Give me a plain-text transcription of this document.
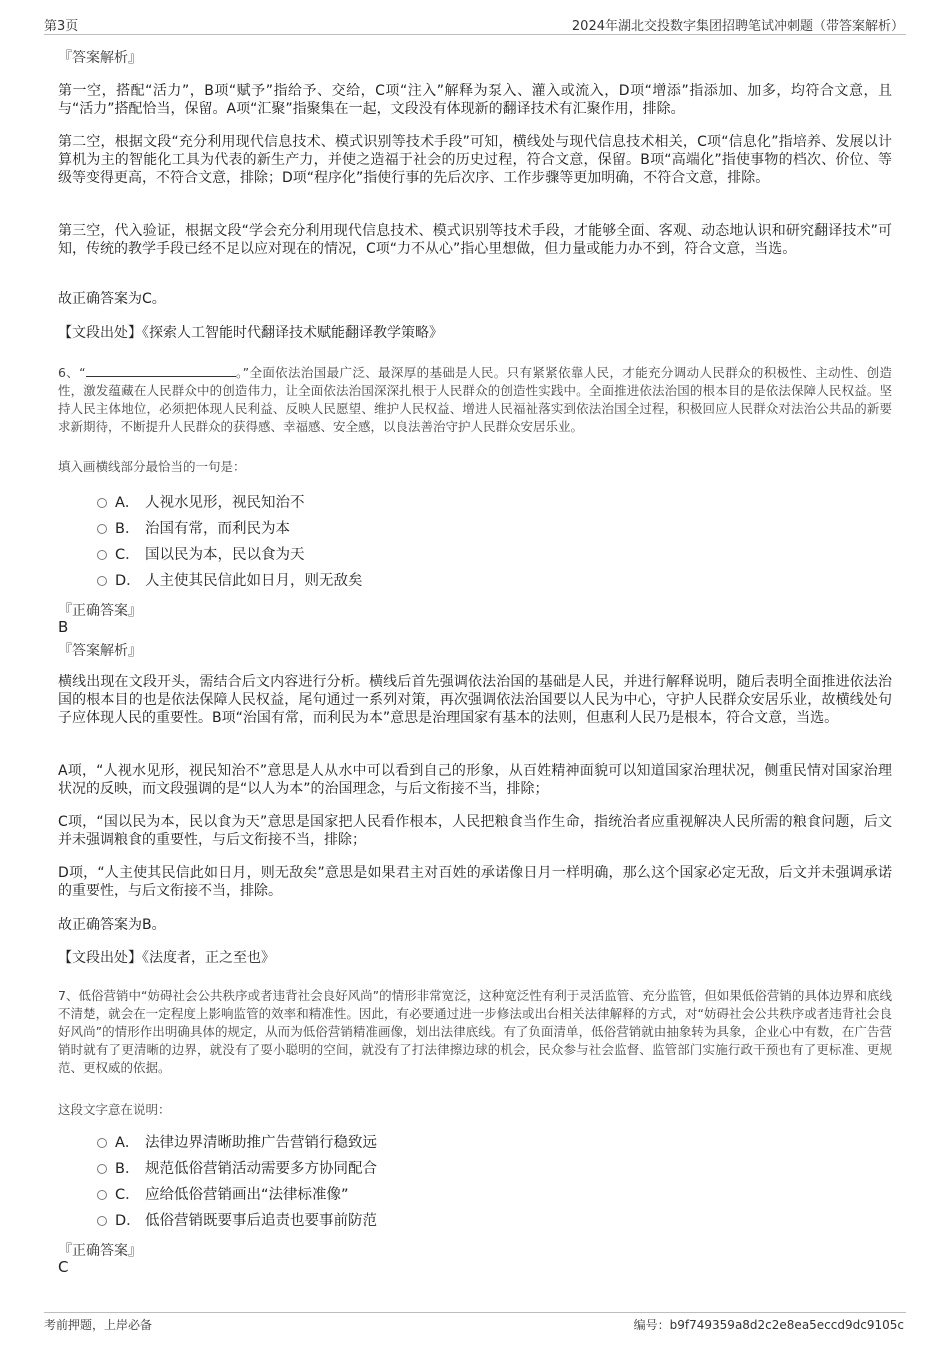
第3页	2024年湖北交投数字集团招聘笔试冲刺题（带答案解析）
『答案解析』
第一空，搭配“活力”，B项“赋予”指给予、交给，C项“注入”解释为泵入、灌入或流入，D项“增添”指添加、加多，均符合文意，且与“活力”搭配恰当，保留。A项“汇聚”指聚集在一起，文段没有体现新的翻译技术有汇聚作用，排除。
第二空，根据文段“充分利用现代信息技术、模式识别等技术手段”可知，横线处与现代信息技术相关，C项“信息化”指培养、发展以计算机为主的智能化工具为代表的新生产力，并使之造福于社会的历史过程，符合文意，保留。B项“高端化”指使事物的档次、价位、等级等变得更高，不符合文意，排除；D项“程序化”指使行事的先后次序、工作步骤等更加明确，不符合文意，排除。
第三空，代入验证，根据文段“学会充分利用现代信息技术、模式识别等技术手段，才能够全面、客观、动态地认识和研究翻译技术”可知，传统的教学手段已经不足以应对现在的情况，C项“力不从心”指心里想做，但力量或能力办不到，符合文意，当选。
故正确答案为C。
【文段出处】《探索人工智能时代翻译技术赋能翻译教学策略》
6、“	。”全面依法治国最广泛、最深厚的基础是人民。只有紧紧依靠人民，才能充分调动人民群众的积极性、主动性、创造性，激发蕴藏在人民群众中的创造伟力，让全面依法治国深深扎根于人民群众的创造性实践中。全面推进依法治国的根本目的是依法保障人民权益。坚持人民主体地位，必须把体现人民利益、反映人民愿望、维护人民权益、增进人民福祉落实到依法治国全过程，积极回应人民群众对法治公共品的新要求新期待，不断提升人民群众的获得感、幸福感、安全感，以良法善治守护人民群众安居乐业。
填入画横线部分最恰当的一句是：
A． 人视水见形，视民知治不
B． 治国有常，而利民为本
C． 国以民为本，民以食为天
D． 人主使其民信此如日月，则无敌矣
『正确答案』
B
『答案解析』
横线出现在文段开头，需结合后文内容进行分析。横线后首先强调依法治国的基础是人民，并进行解释说明，随后表明全面推进依法治国的根本目的也是依法保障人民权益，尾句通过一系列对策，再次强调依法治国要以人民为中心，守护人民群众安居乐业，故横线处句子应体现人民的重要性。B项“治国有常，而利民为本”意思是治理国家有基本的法则，但惠利人民乃是根本，符合文意，当选。
A项，“人视水见形，视民知治不”意思是人从水中可以看到自己的形象，从百姓精神面貌可以知道国家治理状况，侧重民情对国家治理状况的反映，而文段强调的是“以人为本”的治国理念，与后文衔接不当，排除；
C项，“国以民为本，民以食为天”意思是国家把人民看作根本，人民把粮食当作生命，指统治者应重视解决人民所需的粮食问题，后文并未强调粮食的重要性，与后文衔接不当，排除；
D项，“人主使其民信此如日月，则无敌矣”意思是如果君主对百姓的承诺像日月一样明确，那么这个国家必定无敌，后文并未强调承诺的重要性，与后文衔接不当，排除。
故正确答案为B。
【文段出处】《法度者，正之至也》
7、低俗营销中“妨碍社会公共秩序或者违背社会良好风尚”的情形非常宽泛，这种宽泛性有利于灵活监管、充分监管，但如果低俗营销的具体边界和底线不清楚，就会在一定程度上影响监管的效率和精准性。因此，有必要通过进一步修法或出台相关法律解释的方式，对“妨碍社会公共秩序或者违背社会良好风尚”的情形作出明确具体的规定，从而为低俗营销精准画像，划出法律底线。有了负面清单，低俗营销就由抽象转为具象，企业心中有数，在广告营销时就有了更清晰的边界，就没有了耍小聪明的空间，就没有了打法律擦边球的机会，民众参与社会监督、监管部门实施行政干预也有了更标准、更规范、更权威的依据。
这段文字意在说明：
A． 法律边界清晰助推广告营销行稳致远
B． 规范低俗营销活动需要多方协同配合
C． 应给低俗营销画出“法律标准像”
D． 低俗营销既要事后追责也要事前防范
『正确答案』
C
考前押题，上岸必备	编号：b9f749359a8d2c2e8ea5eccd9dc9105c
